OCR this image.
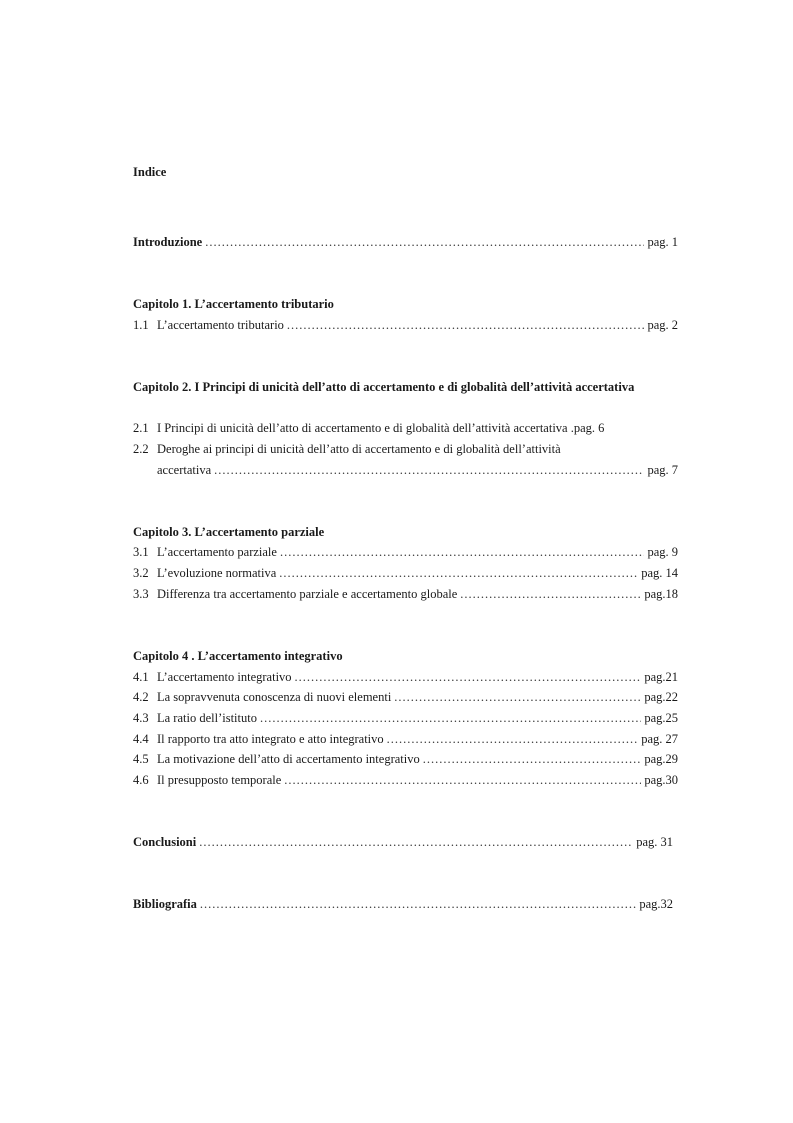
Indice
Introduzione .....	pag. 1
Capitolo 1. L’accertamento tributario
1.1 L’accertamento tributario .....	pag. 2
Capitolo 2. I Principi di unicità dell’atto di accertamento e di globalità dell’attività accertativa
2.1 I Principi di unicità dell’atto di accertamento e di globalità dell’attività accertativa .pag. 6
2.2 Deroghe ai principi di unicità dell’atto di accertamento e di globalità dell’attività
accertativa .....	pag. 7
Capitolo 3. L’accertamento parziale
3.1 L’accertamento parziale .....	pag. 9
3.2 L’evoluzione normativa .....	pag. 14
3.3 Differenza tra accertamento parziale e accertamento globale .....	pag.18
Capitolo 4 . L’accertamento integrativo
4.1 L’accertamento integrativo .....	pag.21
4.2 La sopravvenuta conoscenza di nuovi elementi .....	pag.22
4.3 La ratio dell’istituto .....	pag.25
4.4 Il rapporto tra atto integrato e atto integrativo .....	pag. 27
4.5 La motivazione dell’atto di accertamento integrativo .....	pag.29
4.6 Il presupposto temporale .....	pag.30
Conclusioni .....	pag. 31
Bibliografia .....	pag.32
